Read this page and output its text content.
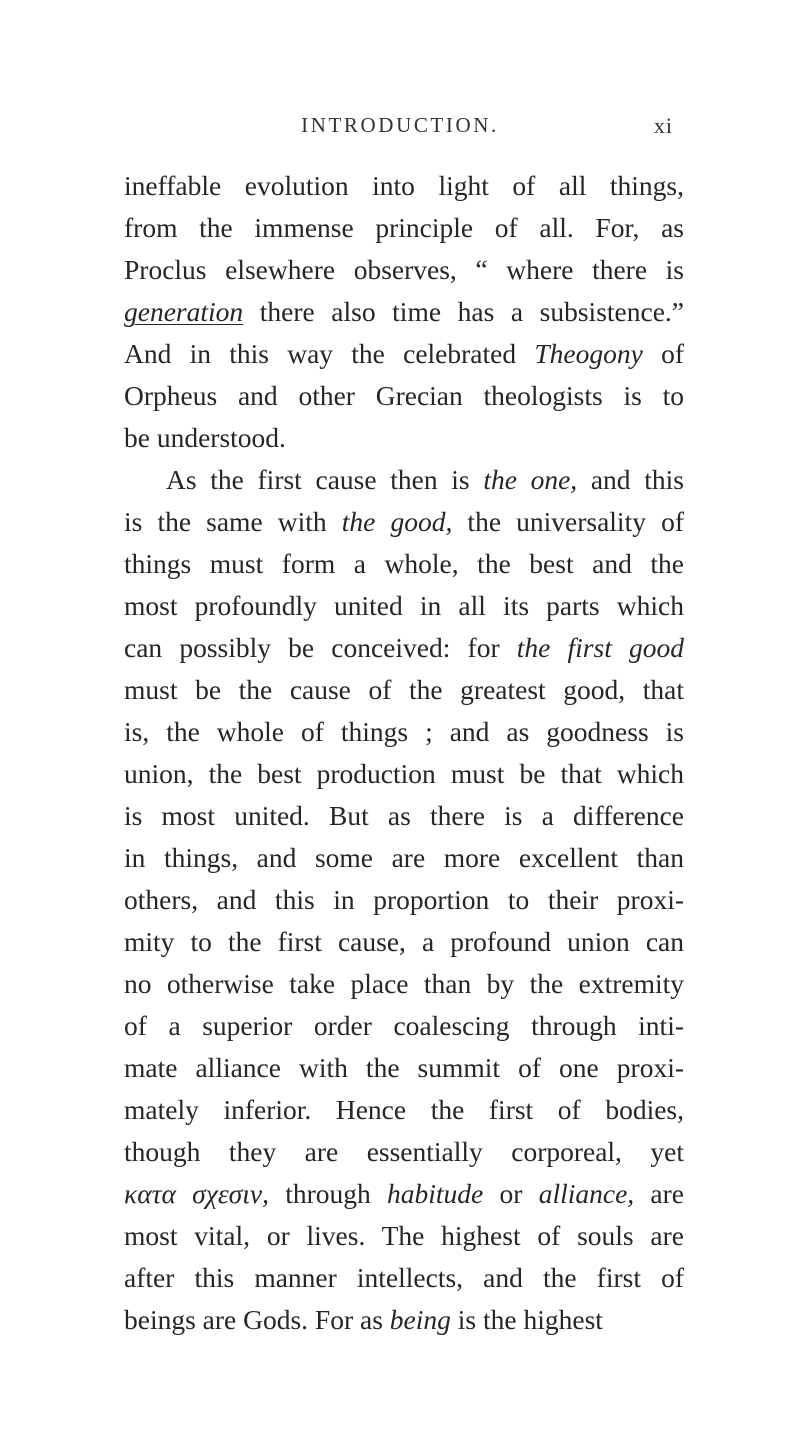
INTRODUCTION.	xi
ineffable evolution into light of all things,
from the immense principle of all. For, as
Proclus elsewhere observes, “ where there is
generation there also time has a subsistence.”
And in this way the celebrated Theogony of
Orpheus and other Grecian theologists is to
be understood.
As the first cause then is the one, and this
is the same with the good, the universality of
things must form a whole, the best and the
most profoundly united in all its parts which
can possibly be conceived: for the first good
must be the cause of the greatest good, that
is, the whole of things ; and as goodness is
union, the best production must be that which
is most united. But as there is a difference
in things, and some are more excellent than
others, and this in proportion to their proxi-
mity to the first cause, a profound union can
no otherwise take place than by the extremity
of a superior order coalescing through inti-
mate alliance with the summit of one proxi-
mately inferior. Hence the first of bodies,
though they are essentially corporeal, yet
κατα σχεσιν, through habitude or alliance, are
most vital, or lives. The highest of souls are
after this manner intellects, and the first of
beings are Gods. For as being is the highest
